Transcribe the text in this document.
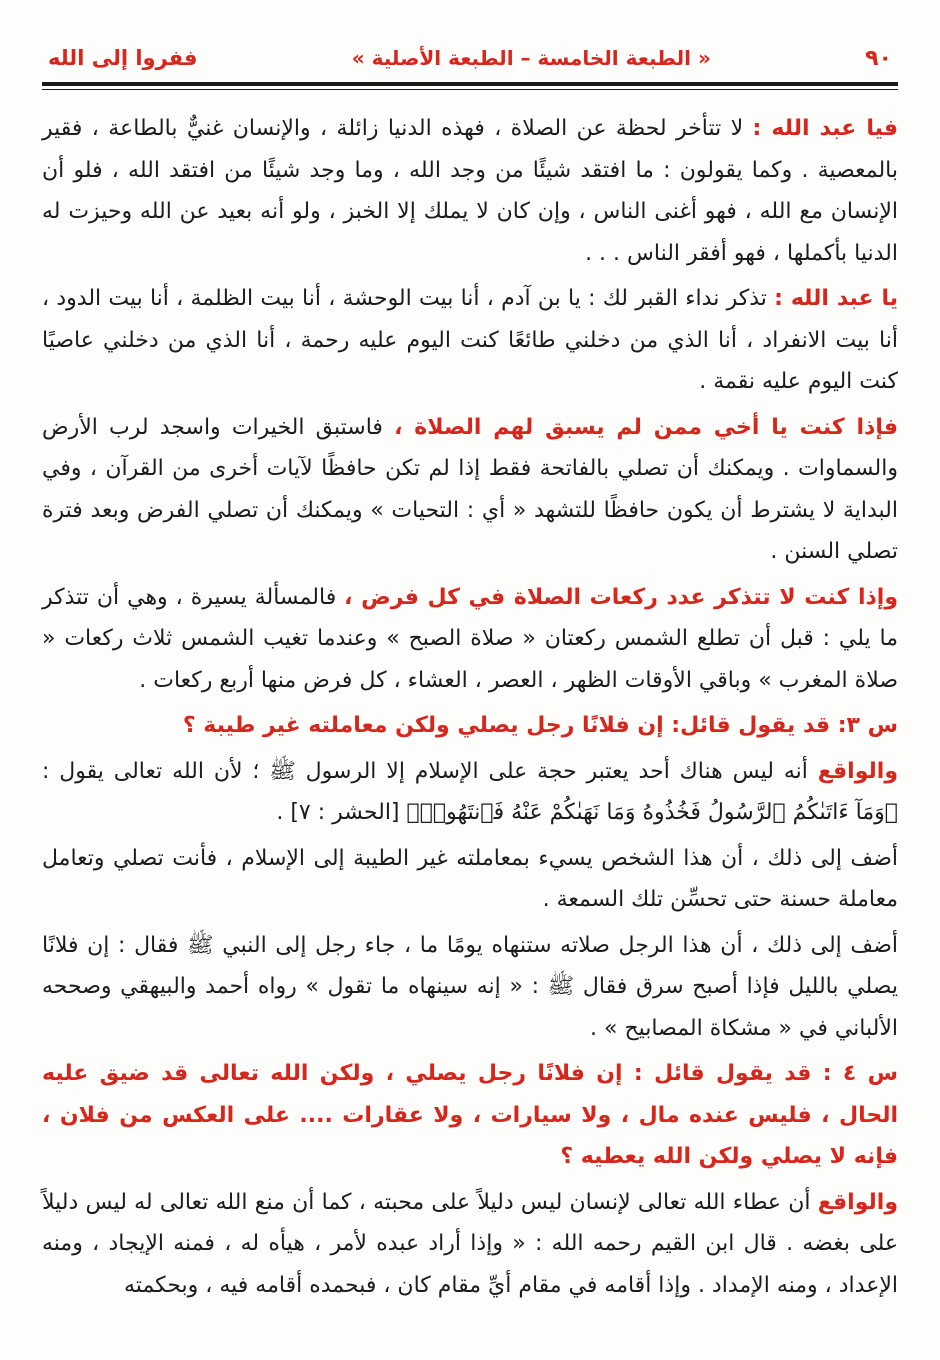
ففروا إلى الله	« الطبعة الخامسة – الطبعة الأصلية »	٩٠

فيا عبد الله : لا تتأخر لحظة عن الصلاة ، فهذه الدنيا زائلة ، والإنسان غنيٌّ بالطاعة ، فقير بالمعصية . وكما يقولون : ما افتقد شيئًا من وجد الله ، وما وجد شيئًا من افتقد الله ، فلو أن الإنسان مع الله ، فهو أغنى الناس ، وإن كان لا يملك إلا الخبز ، ولو أنه بعيد عن الله وحيزت له الدنيا بأكملها ، فهو أفقر الناس . . .

يا عبد الله : تذكر نداء القبر لك : يا بن آدم ، أنا بيت الوحشة ، أنا بيت الظلمة ، أنا بيت الدود ، أنا بيت الانفراد ، أنا الذي من دخلني طائعًا كنت اليوم عليه رحمة ، أنا الذي من دخلني عاصيًا كنت اليوم عليه نقمة .

فإذا كنت يا أخي ممن لم يسبق لهم الصلاة ، فاستبق الخيرات واسجد لرب الأرض والسماوات . ويمكنك أن تصلي بالفاتحة فقط إذا لم تكن حافظًا لآيات أخرى من القرآن ، وفي البداية لا يشترط أن يكون حافظًا للتشهد « أي : التحيات » ويمكنك أن تصلي الفرض وبعد فترة تصلي السنن .

وإذا كنت لا تتذكر عدد ركعات الصلاة في كل فرض ، فالمسألة يسيرة ، وهي أن تتذكر ما يلي : قبل أن تطلع الشمس ركعتان « صلاة الصبح » وعندما تغيب الشمس ثلاث ركعات « صلاة المغرب » وباقي الأوقات الظهر ، العصر ، العشاء ، كل فرض منها أربع ركعات .

س ٣: قد يقول قائل: إن فلانًا رجل يصلي ولكن معاملته غير طيبة ؟

والواقع أنه ليس هناك أحد يعتبر حجة على الإسلام إلا الرسول ﷺ ؛ لأن الله تعالى يقول : ﴿وَمَآ ءَاتَىٰكُمُ ٱلرَّسُولُ فَخُذُوهُ وَمَا نَهَىٰكُمْ عَنْهُ فَٱنتَهُوا۟﴾ [الحشر : ٧] .

أضف إلى ذلك ، أن هذا الشخص يسيء بمعاملته غير الطيبة إلى الإسلام ، فأنت تصلي وتعامل معاملة حسنة حتى تحسِّن تلك السمعة .

أضف إلى ذلك ، أن هذا الرجل صلاته ستنهاه يومًا ما ، جاء رجل إلى النبي ﷺ فقال : إن فلانًا يصلي بالليل فإذا أصبح سرق فقال ﷺ : « إنه سينهاه ما تقول » رواه أحمد والبيهقي وصححه الألباني في « مشكاة المصابيح » .

س ٤ : قد يقول قائل : إن فلانًا رجل يصلي ، ولكن الله تعالى قد ضيق عليه الحال ، فليس عنده مال ، ولا سيارات ، ولا عقارات .... على العكس من فلان ، فإنه لا يصلي ولكن الله يعطيه ؟

والواقع أن عطاء الله تعالى لإنسان ليس دليلاً على محبته ، كما أن منع الله تعالى له ليس دليلاً على بغضه . قال ابن القيم رحمه الله : « وإذا أراد عبده لأمر ، هيأه له ، فمنه الإيجاد ، ومنه الإعداد ، ومنه الإمداد . وإذا أقامه في مقام أيِّ مقام كان ، فبحمده أقامه فيه ، وبحكمته
